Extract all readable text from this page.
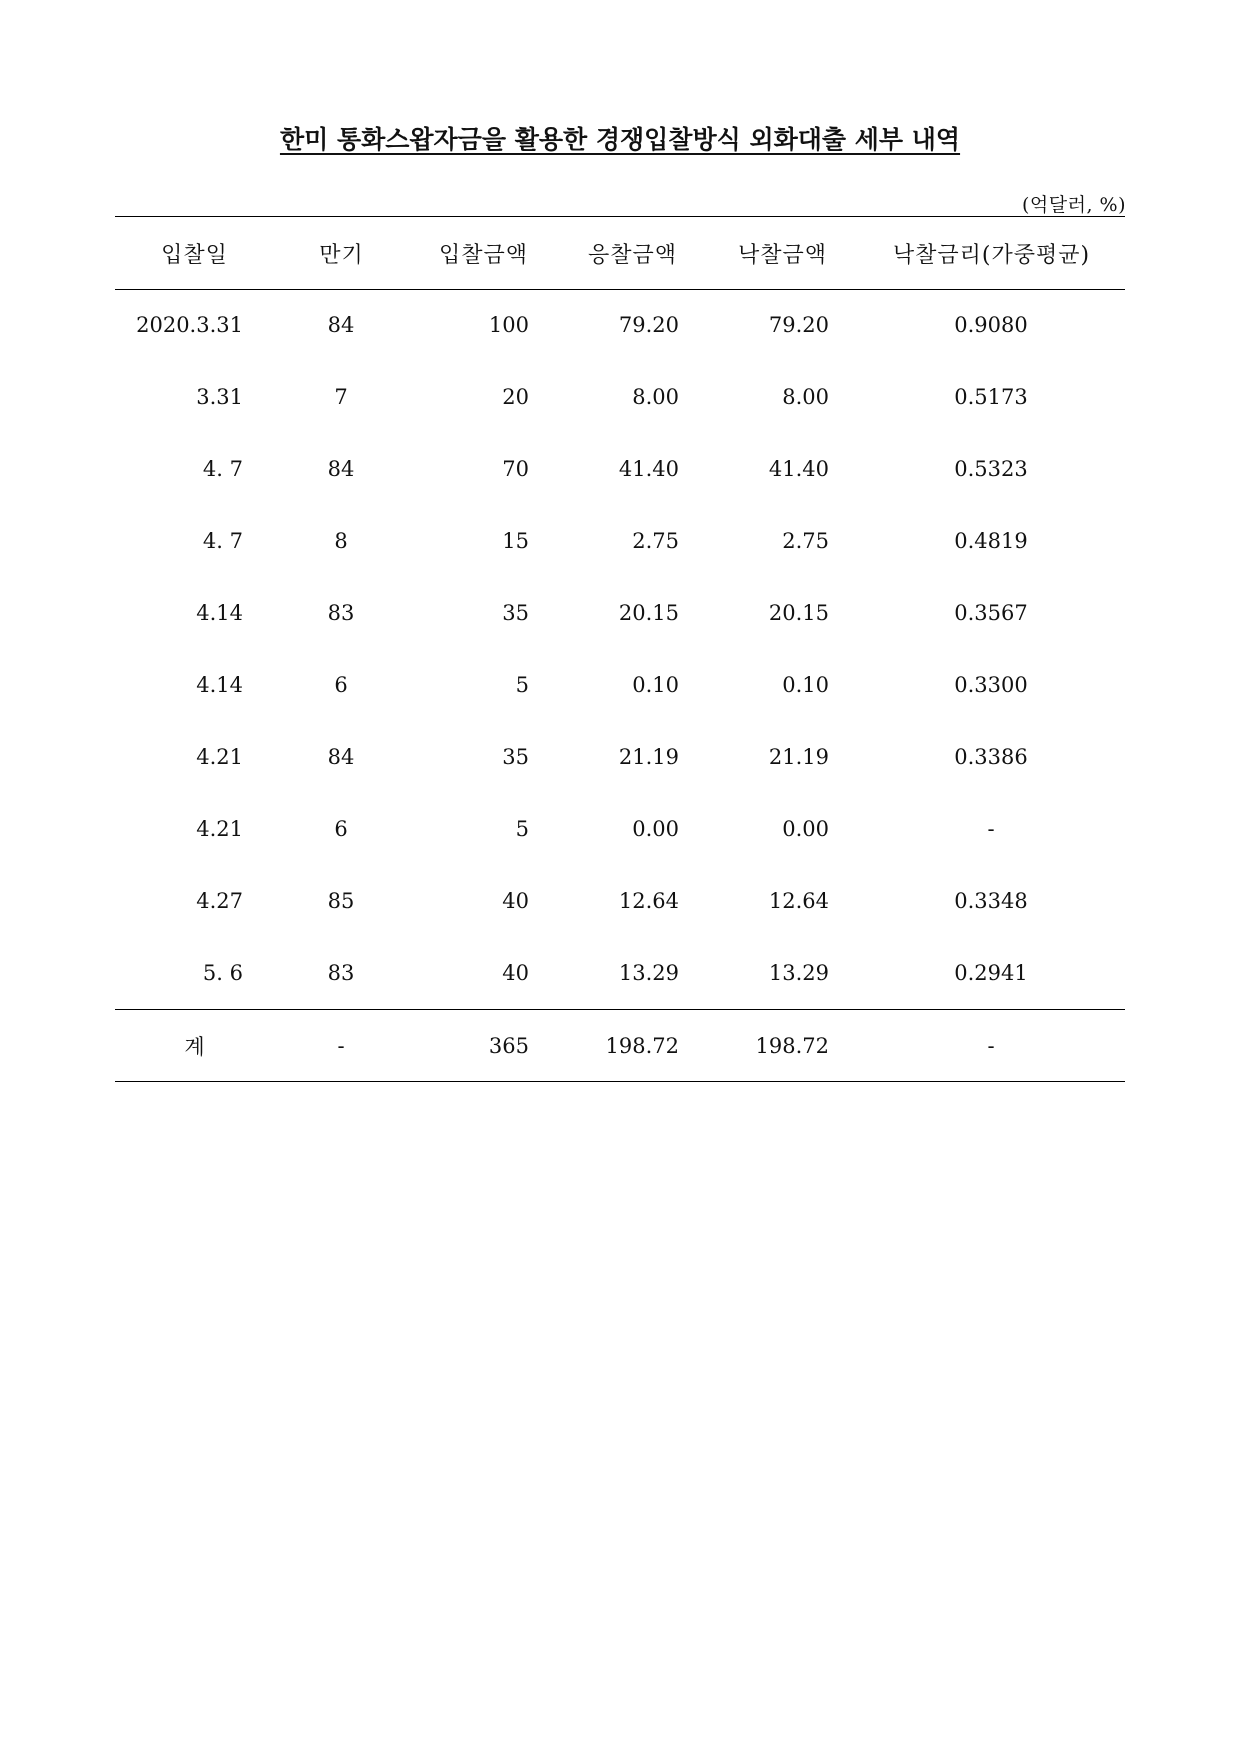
한미 통화스왑자금을 활용한 경쟁입찰방식 외화대출 세부 내역
(억달러, %)
입찰일	만기	입찰금액	응찰금액	낙찰금액	낙찰금리(가중평균)
2020.3.31	84	100	79.20	79.20	0.9080
3.31	7	20	8.00	8.00	0.5173
4. 7	84	70	41.40	41.40	0.5323
4. 7	8	15	2.75	2.75	0.4819
4.14	83	35	20.15	20.15	0.3567
4.14	6	5	0.10	0.10	0.3300
4.21	84	35	21.19	21.19	0.3386
4.21	6	5	0.00	0.00	-
4.27	85	40	12.64	12.64	0.3348
5. 6	83	40	13.29	13.29	0.2941
계	-	365	198.72	198.72	-
